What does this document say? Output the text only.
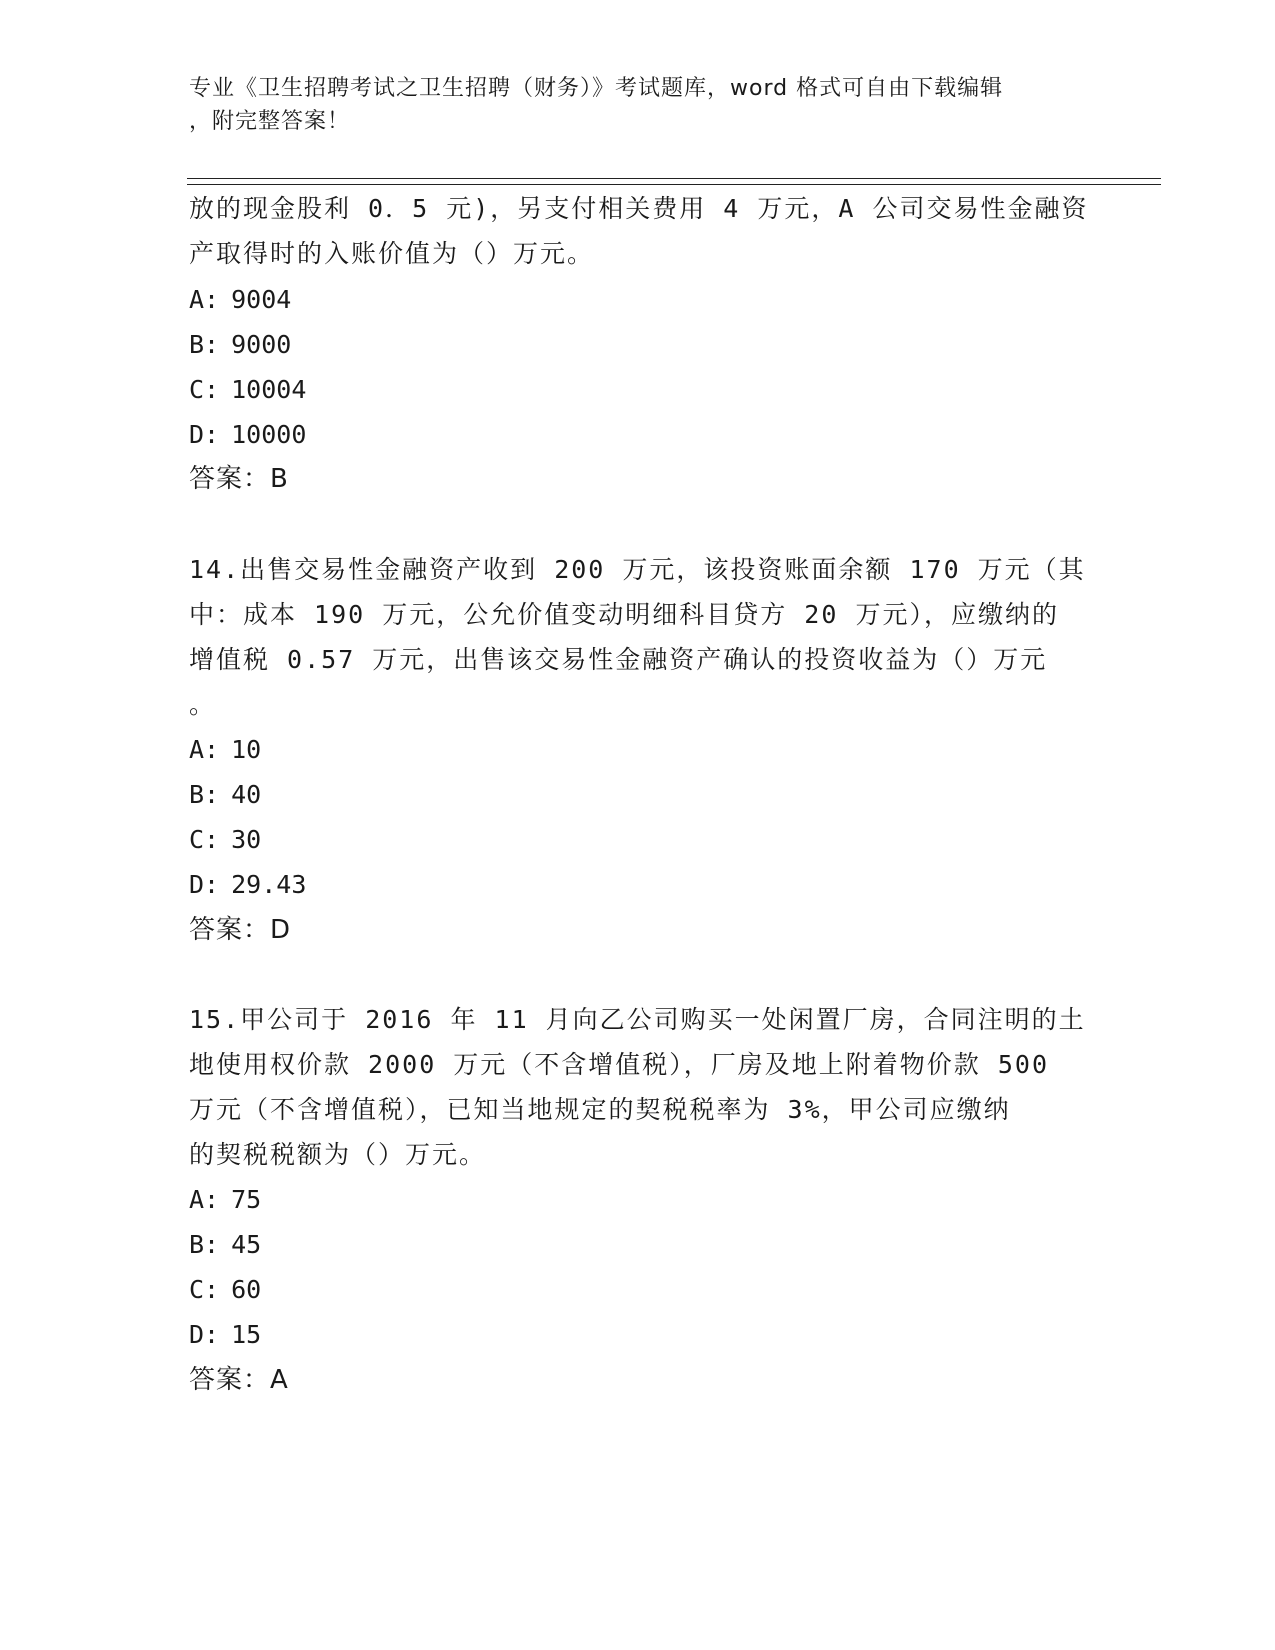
专业《卫生招聘考试之卫生招聘（财务）》考试题库，word 格式可自由下载编辑
，附完整答案！
放的现金股利 0．5 元)，另支付相关费用 4 万元，A 公司交易性金融资
产取得时的入账价值为（）万元。
A: 9004
B: 9000
C: 10004
D: 10000
答案：B
14.出售交易性金融资产收到 200 万元，该投资账面余额 170 万元（其
中：成本 190 万元，公允价值变动明细科目贷方 20 万元），应缴纳的
增值税 0.57 万元，出售该交易性金融资产确认的投资收益为（）万元
。
A: 10
B: 40
C: 30
D: 29.43
答案：D
15.甲公司于 2016 年 11 月向乙公司购买一处闲置厂房，合同注明的土
地使用权价款 2000 万元（不含增值税），厂房及地上附着物价款 500
万元（不含增值税），已知当地规定的契税税率为 3%，甲公司应缴纳
的契税税额为（）万元。
A: 75
B: 45
C: 60
D: 15
答案：A
